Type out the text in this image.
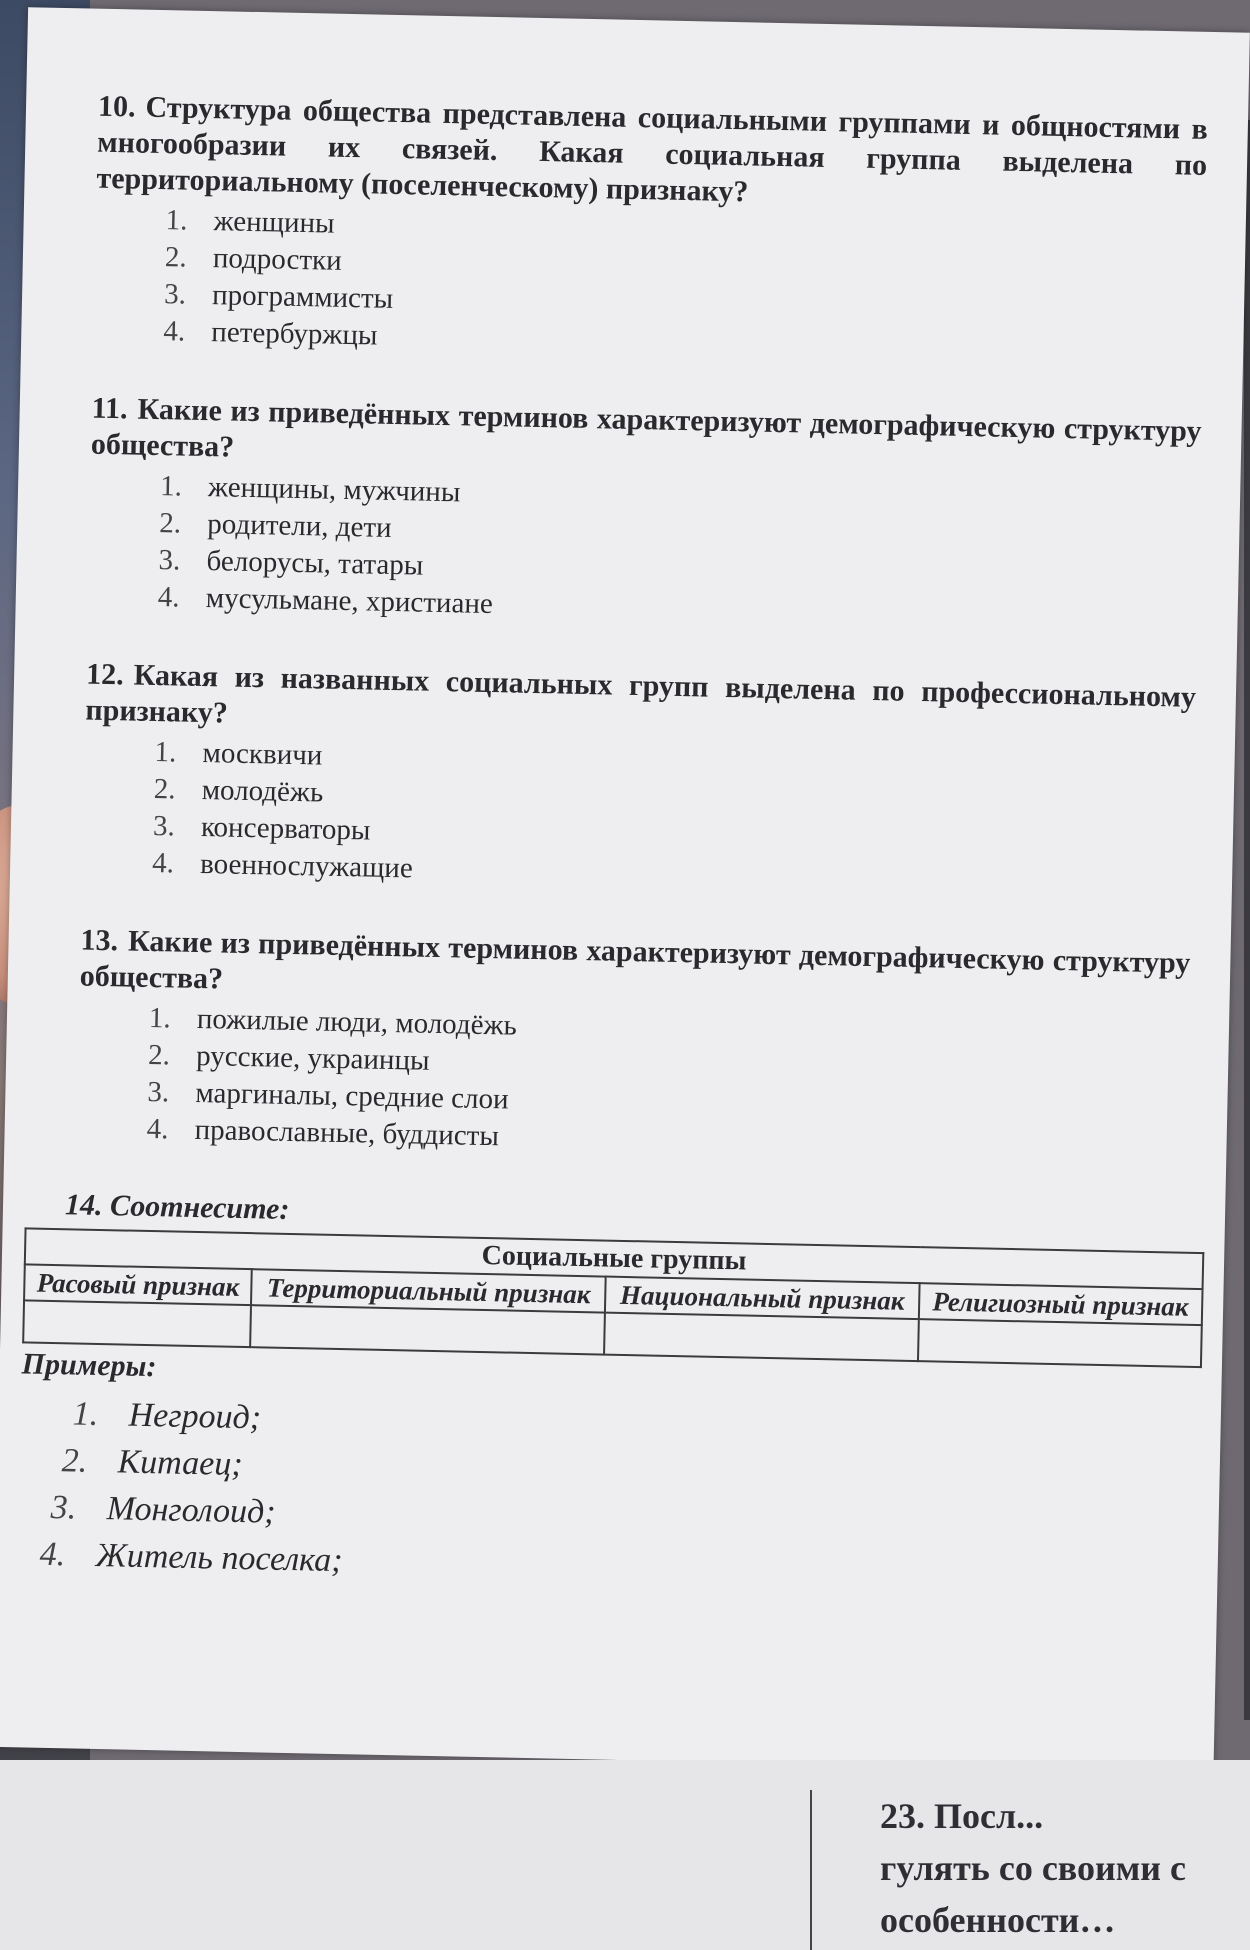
10. Структура общества представлена социальными группами и общностями в многообразии их связей. Какая социальная группа выделена по территориальному (поселенческому) признаку?
1. женщины
2. подростки
3. программисты
4. петербуржцы
11. Какие из приведённых терминов характеризуют демографическую структуру общества?
1. женщины, мужчины
2. родители, дети
3. белорусы, татары
4. мусульмане, христиане
12. Какая из названных социальных групп выделена по профессиональному признаку?
1. москвичи
2. молодёжь
3. консерваторы
4. военнослужащие
13. Какие из приведённых терминов характеризуют демографическую структуру общества?
1. пожилые люди, молодёжь
2. русские, украинцы
3. маргиналы, средние слои
4. православные, буддисты
14. Соотнесите:
Социальные группы			
Расовый признак	Территориальный признак	Национальный признак	Религиозный признак

Примеры:
1. Негроид;
2. Китаец;
3. Монголоид;
4. Житель поселка;
23. Посл...
гулять со своими с
особенности…
